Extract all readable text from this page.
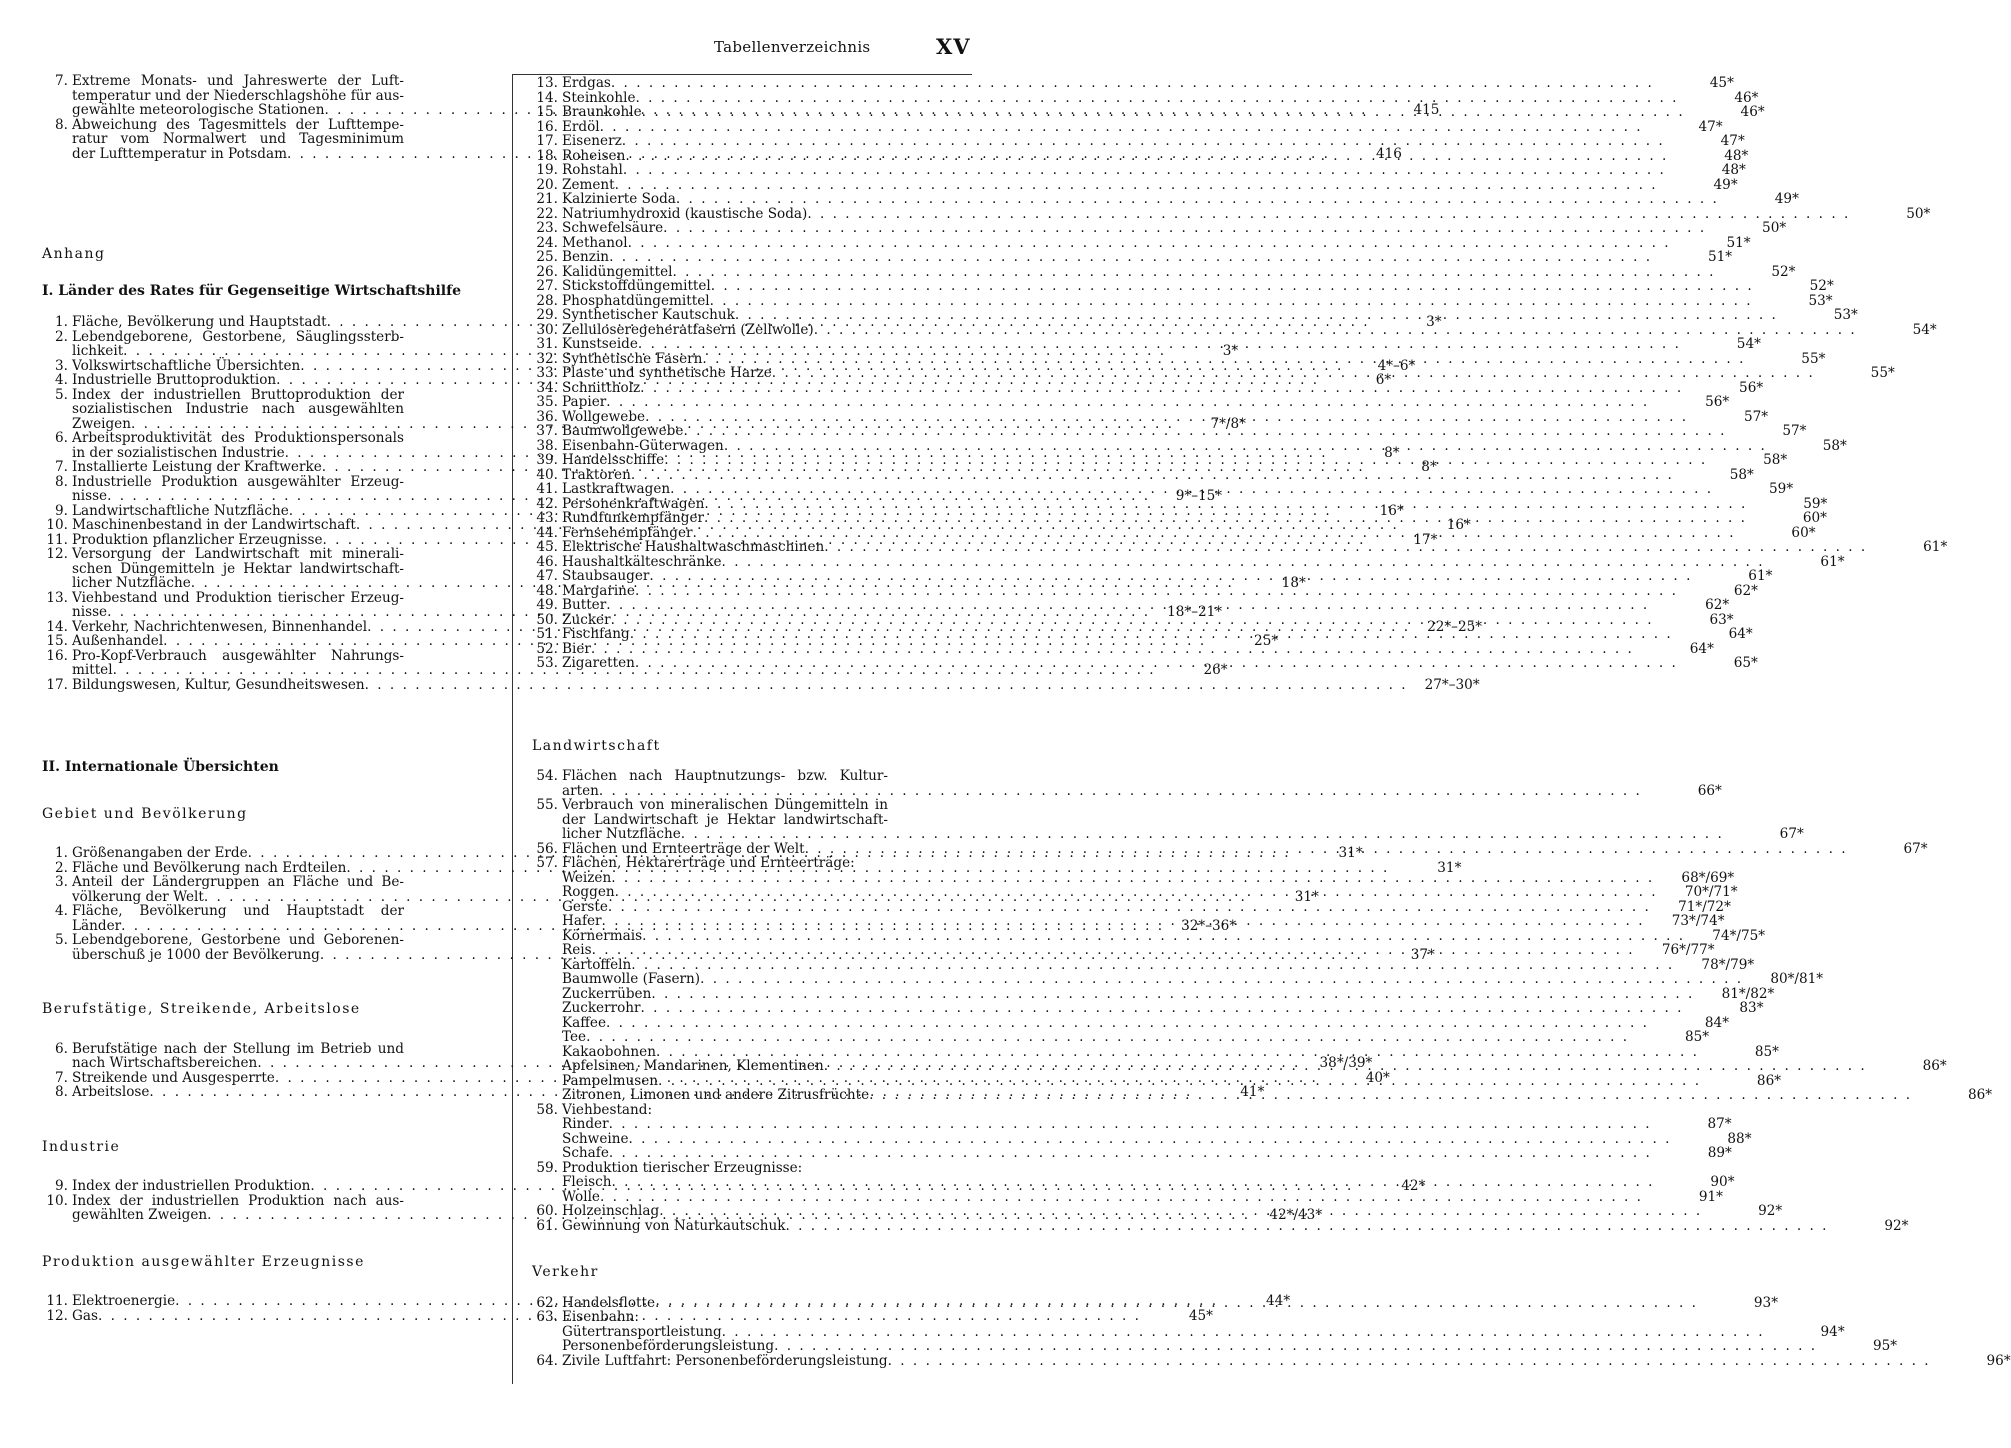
Tabellenverzeichnis	XV
7. Extreme Monats- und Jahreswerte der Luft-
temperatur und der Niederschlagshöhe für aus-
gewählte meteorologische Stationen . . .	415
8. Abweichung des Tagesmittels der Lufttempe-
ratur vom Normalwert und Tagesminimum
der Lufttemperatur in Potsdam . . .	416
Anhang
I. Länder des Rates für Gegenseitige Wirtschaftshilfe
1. Fläche, Bevölkerung und Hauptstadt . . .	3*
2. Lebendgeborene, Gestorbene, Säuglingssterb-
lichkeit . . .	3*
3. Volkswirtschaftliche Übersichten . . .	4*–6*
4. Industrielle Bruttoproduktion . . .	6*
5. Index der industriellen Bruttoproduktion der
sozialistischen Industrie nach ausgewählten
Zweigen . . .	7*/8*
6. Arbeitsproduktivität des Produktionspersonals
in der sozialistischen Industrie . . .	8*
7. Installierte Leistung der Kraftwerke . . .	8*
8. Industrielle Produktion ausgewählter Erzeug-
nisse . . .	9*–15*
9. Landwirtschaftliche Nutzfläche . . .	16*
10. Maschinenbestand in der Landwirtschaft . . .	16*
11. Produktion pflanzlicher Erzeugnisse . . .	17*
12. Versorgung der Landwirtschaft mit minerali-
schen Düngemitteln je Hektar landwirtschaft-
licher Nutzfläche . . .	18*
13. Viehbestand und Produktion tierischer Erzeug-
nisse . . .	18*–21*
14. Verkehr, Nachrichtenwesen, Binnenhandel . . .	22*–25*
15. Außenhandel . . .	25*
16. Pro-Kopf-Verbrauch ausgewählter Nahrungs-
mittel . . .	26*
17. Bildungswesen, Kultur, Gesundheitswesen . . .	27*–30*
II. Internationale Übersichten
Gebiet und Bevölkerung
1. Größenangaben der Erde . . .	31*
2. Fläche und Bevölkerung nach Erdteilen . . .	31*
3. Anteil der Ländergruppen an Fläche und Be-
völkerung der Welt . . .	31*
4. Fläche, Bevölkerung und Hauptstadt der
Länder . . .	32*–36*
5. Lebendgeborene, Gestorbene und Geborenen-
überschuß je 1000 der Bevölkerung . . .	37*
Berufstätige, Streikende, Arbeitslose
6. Berufstätige nach der Stellung im Betrieb und
nach Wirtschaftsbereichen . . .	38*/39*
7. Streikende und Ausgesperrte . . .	40*
8. Arbeitslose . . .	41*
Industrie
9. Index der industriellen Produktion . . .	42*
10. Index der industriellen Produktion nach aus-
gewählten Zweigen . . .	42*/43*
Produktion ausgewählter Erzeugnisse
11. Elektroenergie . . .	44*
12. Gas . . .	45*
13. Erdgas . . .	45*
14. Steinkohle . . .	46*
15. Braunkohle . . .	46*
16. Erdöl . . .	47*
17. Eisenerz . . .	47*
18. Roheisen . . .	48*
19. Rohstahl . . .	48*
20. Zement . . .	49*
21. Kalzinierte Soda . . .	49*
22. Natriumhydroxid (kaustische Soda) . . .	50*
23. Schwefelsäure . . .	50*
24. Methanol . . .	51*
25. Benzin . . .	51*
26. Kalidüngemittel . . .	52*
27. Stickstoffdüngemittel . . .	52*
28. Phosphatdüngemittel . . .	53*
29. Synthetischer Kautschuk . . .	53*
30. Zelluloseregeneratfasern (Zellwolle) . . .	54*
31. Kunstseide . . .	54*
32. Synthetische Fasern . . .	55*
33. Plaste und synthetische Harze . . .	55*
34. Schnittholz . . .	56*
35. Papier . . .	56*
36. Wollgewebe . . .	57*
37. Baumwollgewebe . . .	57*
38. Eisenbahn-Güterwagen . . .	58*
39. Handelsschiffe . . .	58*
40. Traktoren . . .	58*
41. Lastkraftwagen . . .	59*
42. Personenkraftwagen . . .	59*
43. Rundfunkempfänger . . .	60*
44. Fernsehempfänger . . .	60*
45. Elektrische Haushaltwaschmaschinen . . .	61*
46. Haushaltkälteschränke . . .	61*
47. Staubsauger . . .	61*
48. Margarine . . .	62*
49. Butter . . .	62*
50. Zucker . . .	63*
51. Fischfang . . .	64*
52. Bier . . .	64*
53. Zigaretten . . .	65*
Landwirtschaft
54. Flächen nach Hauptnutzungs- bzw. Kultur-
arten . . .	66*
55. Verbrauch von mineralischen Düngemitteln in
der Landwirtschaft je Hektar landwirtschaft-
licher Nutzfläche . . .	67*
56. Flächen und Ernteerträge der Welt . . .	67*
57. Flächen, Hektarerträge und Ernteerträge:
Weizen . . .	68*/69*
Roggen . . .	70*/71*
Gerste . . .	71*/72*
Hafer . . .	73*/74*
Körnermais . . .	74*/75*
Reis . . .	76*/77*
Kartoffeln . . .	78*/79*
Baumwolle (Fasern) . . .	80*/81*
Zuckerrüben . . .	81*/82*
Zuckerrohr . . .	83*
Kaffee . . .	84*
Tee . . .	85*
Kakaobohnen . . .	85*
Apfelsinen, Mandarinen, Klementinen . . .	86*
Pampelmusen . . .	86*
Zitronen, Limonen und andere Zitrusfrüchte . . .	86*
58. Viehbestand:
Rinder . . .	87*
Schweine . . .	88*
Schafe . . .	89*
59. Produktion tierischer Erzeugnisse:
Fleisch . . .	90*
Wolle . . .	91*
60. Holzeinschlag . . .	92*
61. Gewinnung von Naturkautschuk . . .	92*
Verkehr
62. Handelsflotte . . .	93*
63. Eisenbahn:
Gütertransportleistung . . .	94*
Personenbeförderungsleistung . . .	95*
64. Zivile Luftfahrt: Personenbeförderungsleistung . . .	96*
